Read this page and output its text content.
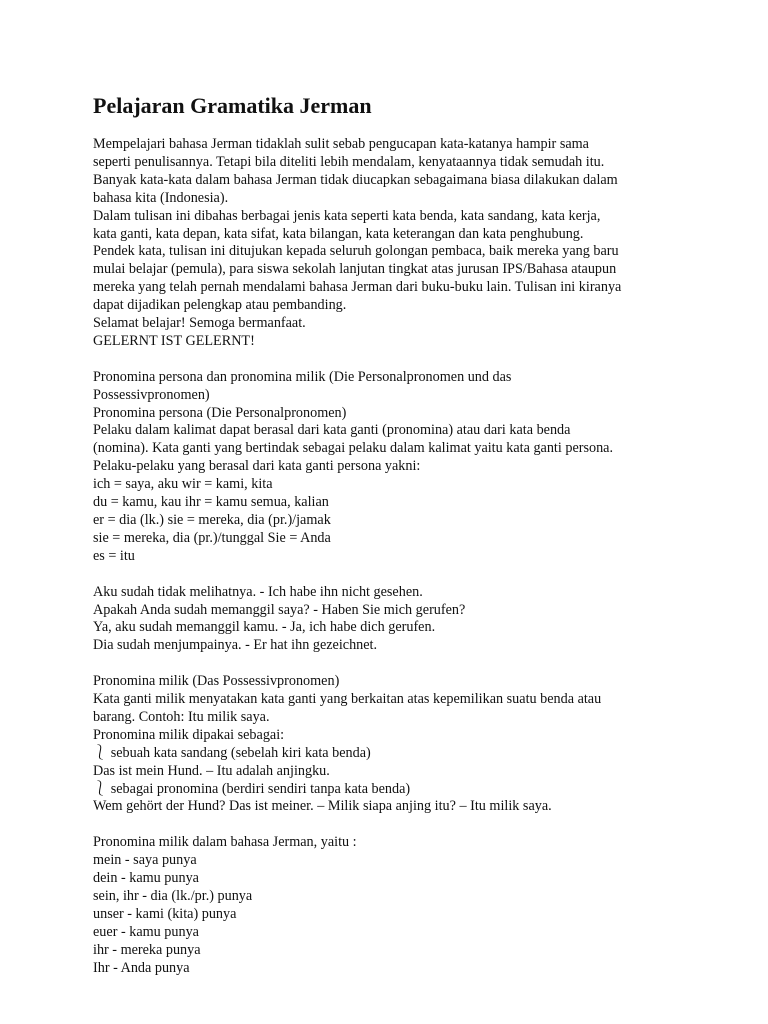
Pelajaran Gramatika Jerman

Mempelajari bahasa Jerman tidaklah sulit sebab pengucapan kata-katanya hampir sama

seperti penulisannya. Tetapi bila diteliti lebih mendalam, kenyataannya tidak semudah itu.

Banyak kata-kata dalam bahasa Jerman tidak diucapkan sebagaimana biasa dilakukan dalam

bahasa kita (Indonesia).

Dalam tulisan ini dibahas berbagai jenis kata seperti kata benda, kata sandang, kata kerja,

kata ganti, kata depan, kata sifat, kata bilangan, kata keterangan dan kata penghubung.

Pendek kata, tulisan ini ditujukan kepada seluruh golongan pembaca, baik mereka yang baru

mulai belajar (pemula), para siswa sekolah lanjutan tingkat atas jurusan IPS/Bahasa ataupun

mereka yang telah pernah mendalami bahasa Jerman dari buku-buku lain. Tulisan ini kiranya

dapat dijadikan pelengkap atau pembanding.

Selamat belajar! Semoga bermanfaat.

GELERNT IST GELERNT!

Pronomina persona dan pronomina milik (Die Personalpronomen und das

Possessivpronomen)

Pronomina persona (Die Personalpronomen)

Pelaku dalam kalimat dapat berasal dari kata ganti (pronomina) atau dari kata benda

(nomina). Kata ganti yang bertindak sebagai pelaku dalam kalimat yaitu kata ganti persona.

Pelaku-pelaku yang berasal dari kata ganti persona yakni:

ich = saya, aku wir = kami, kita

du = kamu, kau ihr = kamu semua, kalian

er = dia (lk.) sie = mereka, dia (pr.)/jamak

sie = mereka, dia (pr.)/tunggal Sie = Anda

es = itu

Aku sudah tidak melihatnya. - Ich habe ihn nicht gesehen.

Apakah Anda sudah memanggil saya? - Haben Sie mich gerufen?

Ya, aku sudah memanggil kamu. - Ja, ich habe dich gerufen.

Dia sudah menjumpainya. - Er hat ihn gezeichnet.

Pronomina milik (Das Possessivpronomen)

Kata ganti milik menyatakan kata ganti yang berkaitan atas kepemilikan suatu benda atau

barang. Contoh: Itu milik saya.

Pronomina milik dipakai sebagai:

⎱ sebuah kata sandang (sebelah kiri kata benda)

Das ist mein Hund. – Itu adalah anjingku.

⎱ sebagai pronomina (berdiri sendiri tanpa kata benda)

Wem gehört der Hund? Das ist meiner. – Milik siapa anjing itu? – Itu milik saya.

Pronomina milik dalam bahasa Jerman, yaitu :

mein - saya punya

dein - kamu punya

sein, ihr - dia (lk./pr.) punya

unser - kami (kita) punya

euer - kamu punya

ihr - mereka punya

Ihr - Anda punya
